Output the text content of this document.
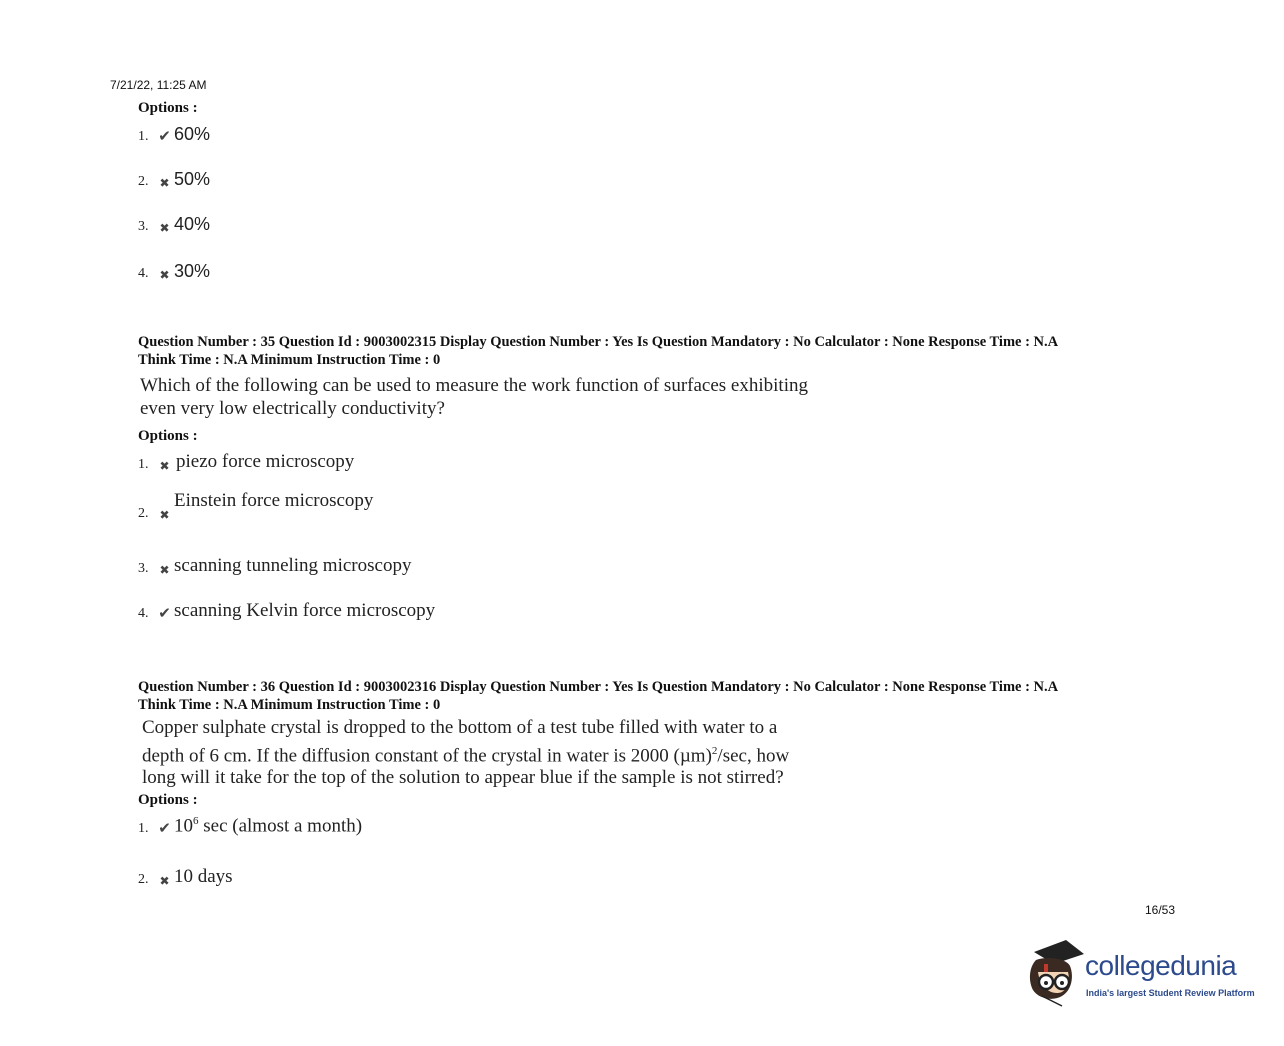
7/21/22, 11:25 AM
Options :
1. ✔ 60%
2. ✖ 50%
3. ✖ 40%
4. ✖ 30%
Question Number : 35 Question Id : 9003002315 Display Question Number : Yes Is Question Mandatory : No Calculator : None Response Time : N.A
Think Time : N.A Minimum Instruction Time : 0
Which of the following can be used to measure the work function of surfaces exhibiting
even very low electrically conductivity?
Options :
1. ✖ piezo force microscopy
2. ✖
Einstein force microscopy
3. ✖ scanning tunneling microscopy
4. ✔ scanning Kelvin force microscopy
Question Number : 36 Question Id : 9003002316 Display Question Number : Yes Is Question Mandatory : No Calculator : None Response Time : N.A
Think Time : N.A Minimum Instruction Time : 0
Copper sulphate crystal is dropped to the bottom of a test tube filled with water to a
depth of 6 cm. If the diffusion constant of the crystal in water is 2000 $(\mu m)^2/\sec$, how
long will it take for the top of the solution to appear blue if the sample is not stirred?
Options :
1. ✔ $10^6$ sec (almost a month)
2. ✖ 10 days
16/53
collegedunia
India's largest Student Review Platform
